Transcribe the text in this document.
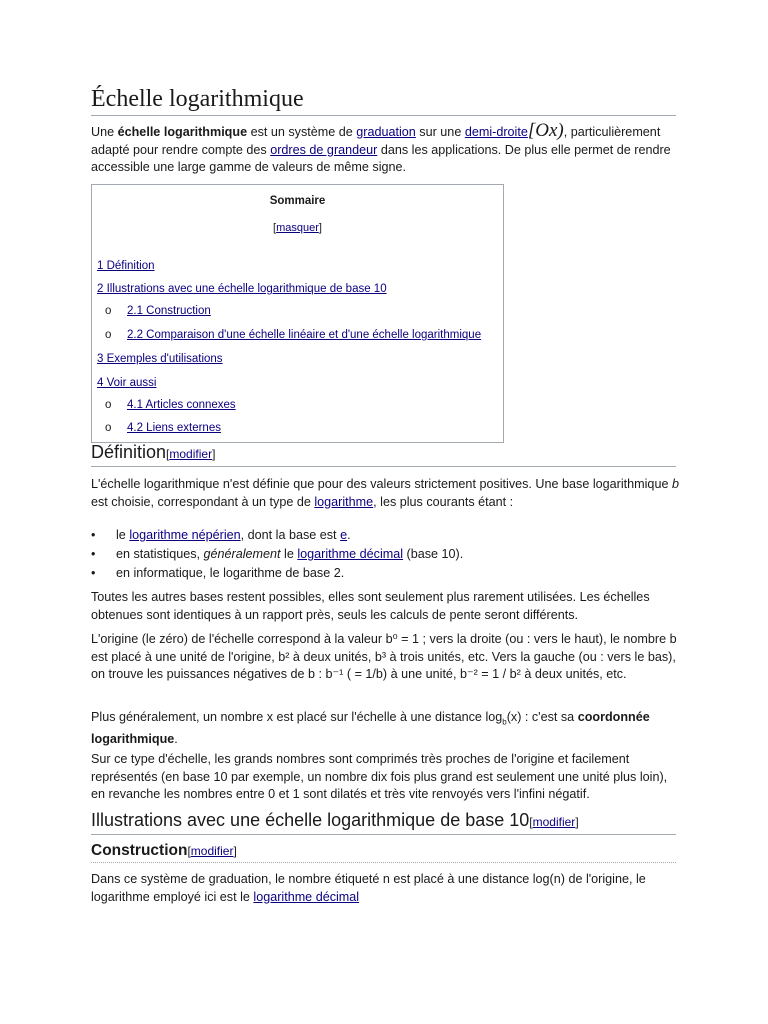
Échelle logarithmique

Une échelle logarithmique est un système de graduation sur une demi-droite[Ox), particulièrement adapté pour rendre compte des ordres de grandeur dans les applications. De plus elle permet de rendre accessible une large gamme de valeurs de même signe.

Sommaire
[masquer]
1 Définition
2 Illustrations avec une échelle logarithmique de base 10
o 2.1 Construction
o 2.2 Comparaison d'une échelle linéaire et d'une échelle logarithmique
3 Exemples d'utilisations
4 Voir aussi
o 4.1 Articles connexes
o 4.2 Liens externes
Définition[modifier]

L'échelle logarithmique n'est définie que pour des valeurs strictement positives. Une base logarithmique b est choisie, correspondant à un type de logarithme, les plus courants étant :

• le logarithme népérien, dont la base est e.
• en statistiques, généralement le logarithme décimal (base 10).
• en informatique, le logarithme de base 2.

Toutes les autres bases restent possibles, elles sont seulement plus rarement utilisées. Les échelles obtenues sont identiques à un rapport près, seuls les calculs de pente seront différents.

L'origine (le zéro) de l'échelle correspond à la valeur b⁰ = 1 ; vers la droite (ou : vers le haut), le nombre b est placé à une unité de l'origine, b² à deux unités, b³ à trois unités, etc. Vers la gauche (ou : vers le bas), on trouve les puissances négatives de b : b⁻¹ ( = 1/b) à une unité, b⁻² = 1 / b² à deux unités, etc.

Plus généralement, un nombre x est placé sur l'échelle à une distance $\log_b(x)$ : c'est sa coordonnée logarithmique.

Sur ce type d'échelle, les grands nombres sont comprimés très proches de l'origine et facilement représentés (en base 10 par exemple, un nombre dix fois plus grand est seulement une unité plus loin), en revanche les nombres entre 0 et 1 sont dilatés et très vite renvoyés vers l'infini négatif.

Illustrations avec une échelle logarithmique de base 10[modifier]
Construction[modifier]

Dans ce système de graduation, le nombre étiqueté n est placé à une distance log(n) de l'origine, le logarithme employé ici est le logarithme décimal
